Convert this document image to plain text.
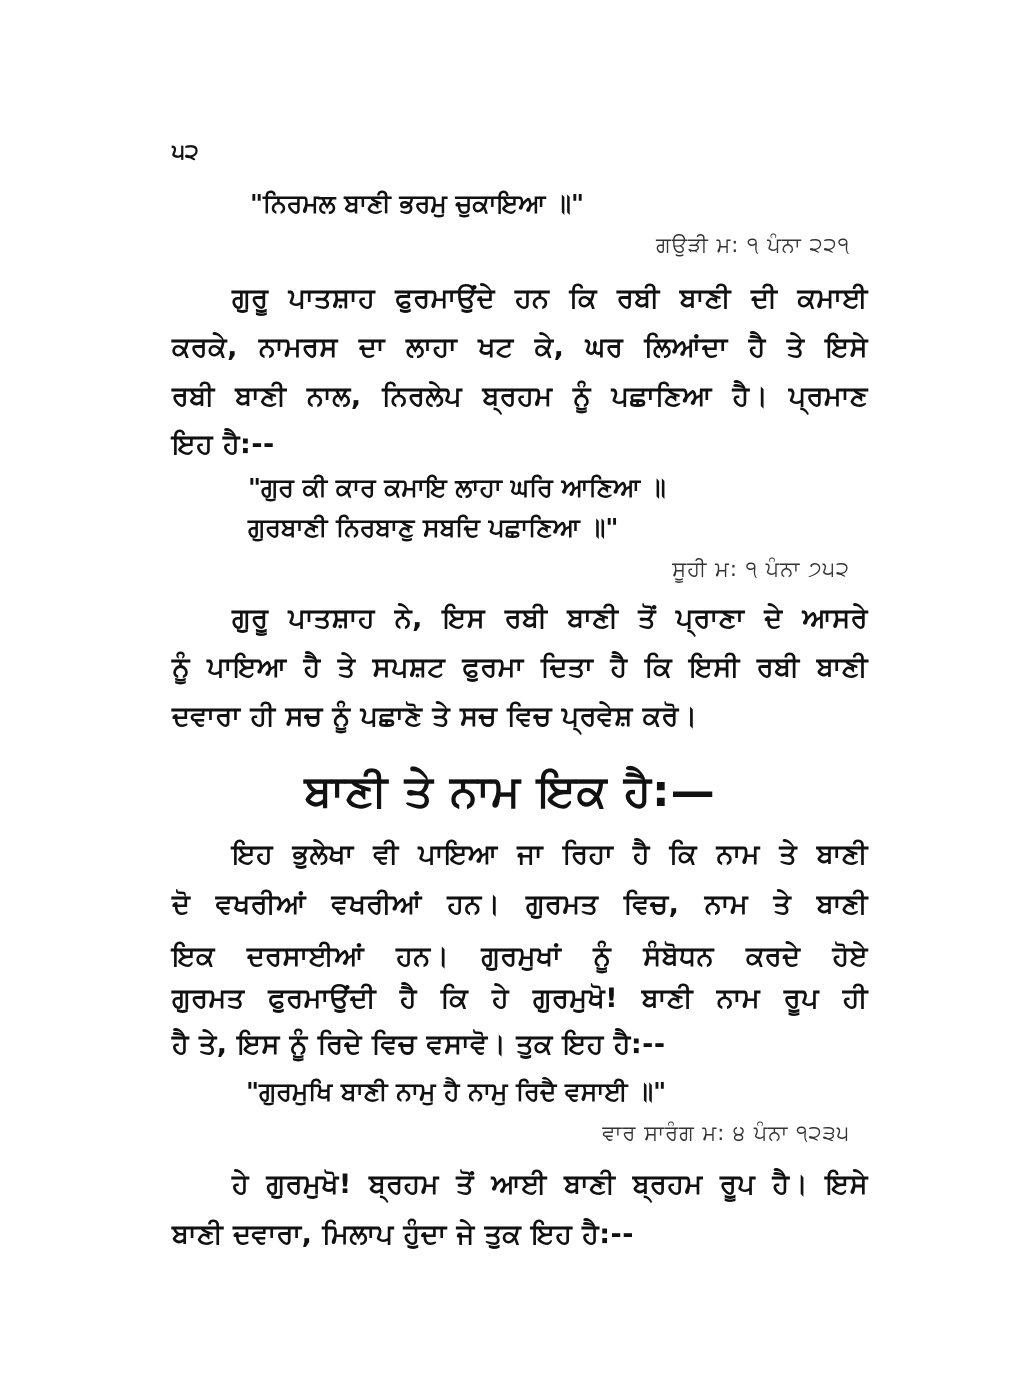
੫੨
"ਨਿਰਮਲ ਬਾਣੀ ਭਰਮੁ ਚੁਕਾਇਆ ॥"
ਗਉੜੀ ਮ: ੧ ਪੰਨਾ ੨੨੧
ਗੁਰੂ ਪਾਤਸ਼ਾਹ ਫੁਰਮਾਉਂਦੇ ਹਨ ਕਿ ਰਬੀ ਬਾਣੀ ਦੀ ਕਮਾਈ
ਕਰਕੇ, ਨਾਮਰਸ ਦਾ ਲਾਹਾ ਖਟ ਕੇ, ਘਰ ਲਿਆਂਦਾ ਹੈ ਤੇ ਇਸੇ
ਰਬੀ ਬਾਣੀ ਨਾਲ, ਨਿਰਲੇਪ ਬ੍ਰਹਮ ਨੂੰ ਪਛਾਣਿਆ ਹੈ। ਪ੍ਰਮਾਣ
ਇਹ ਹੈ:--
"ਗੁਰ ਕੀ ਕਾਰ ਕਮਾਇ ਲਾਹਾ ਘਰਿ ਆਣਿਆ ॥
ਗੁਰਬਾਣੀ ਨਿਰਬਾਣੁ ਸਬਦਿ ਪਛਾਣਿਆ ॥"
ਸੂਹੀ ਮ: ੧ ਪੰਨਾ ੭੫੨
ਗੁਰੂ ਪਾਤਸ਼ਾਹ ਨੇ, ਇਸ ਰਬੀ ਬਾਣੀ ਤੋਂ ਪ੍ਰਾਣਾ ਦੇ ਆਸਰੇ
ਨੂੰ ਪਾਇਆ ਹੈ ਤੇ ਸਪਸ਼ਟ ਫੁਰਮਾ ਦਿਤਾ ਹੈ ਕਿ ਇਸੀ ਰਬੀ ਬਾਣੀ
ਦਵਾਰਾ ਹੀ ਸਚ ਨੂੰ ਪਛਾਣੋ ਤੇ ਸਚ ਵਿਚ ਪ੍ਰਵੇਸ਼ ਕਰੋ।
ਬਾਣੀ ਤੇ ਨਾਮ ਇਕ ਹੈ:—
ਇਹ ਭੁਲੇਖਾ ਵੀ ਪਾਇਆ ਜਾ ਰਿਹਾ ਹੈ ਕਿ ਨਾਮ ਤੇ ਬਾਣੀ
ਦੋ ਵਖਰੀਆਂ ਵਖਰੀਆਂ ਹਨ। ਗੁਰਮਤ ਵਿਚ, ਨਾਮ ਤੇ ਬਾਣੀ
ਇਕ ਦਰਸਾਈਆਂ ਹਨ। ਗੁਰਮੁਖਾਂ ਨੂੰ ਸੰਬੋਧਨ ਕਰਦੇ ਹੋਏ
ਗੁਰਮਤ ਫੁਰਮਾਉਂਦੀ ਹੈ ਕਿ ਹੇ ਗੁਰਮੁਖੋ! ਬਾਣੀ ਨਾਮ ਰੂਪ ਹੀ
ਹੈ ਤੇ, ਇਸ ਨੂੰ ਰਿਦੇ ਵਿਚ ਵਸਾਵੋ। ਤੁਕ ਇਹ ਹੈ:--
"ਗੁਰਮੁਖਿ ਬਾਣੀ ਨਾਮੁ ਹੈ ਨਾਮੁ ਰਿਦੈ ਵਸਾਈ ॥"
ਵਾਰ ਸਾਰੰਗ ਮ: ੪ ਪੰਨਾ ੧੨੩੫
ਹੇ ਗੁਰਮੁਖੋ! ਬ੍ਰਹਮ ਤੋਂ ਆਈ ਬਾਣੀ ਬ੍ਰਹਮ ਰੂਪ ਹੈ। ਇਸੇ
ਬਾਣੀ ਦਵਾਰਾ, ਮਿਲਾਪ ਹੁੰਦਾ ਜੇ ਤੁਕ ਇਹ ਹੈ:--
